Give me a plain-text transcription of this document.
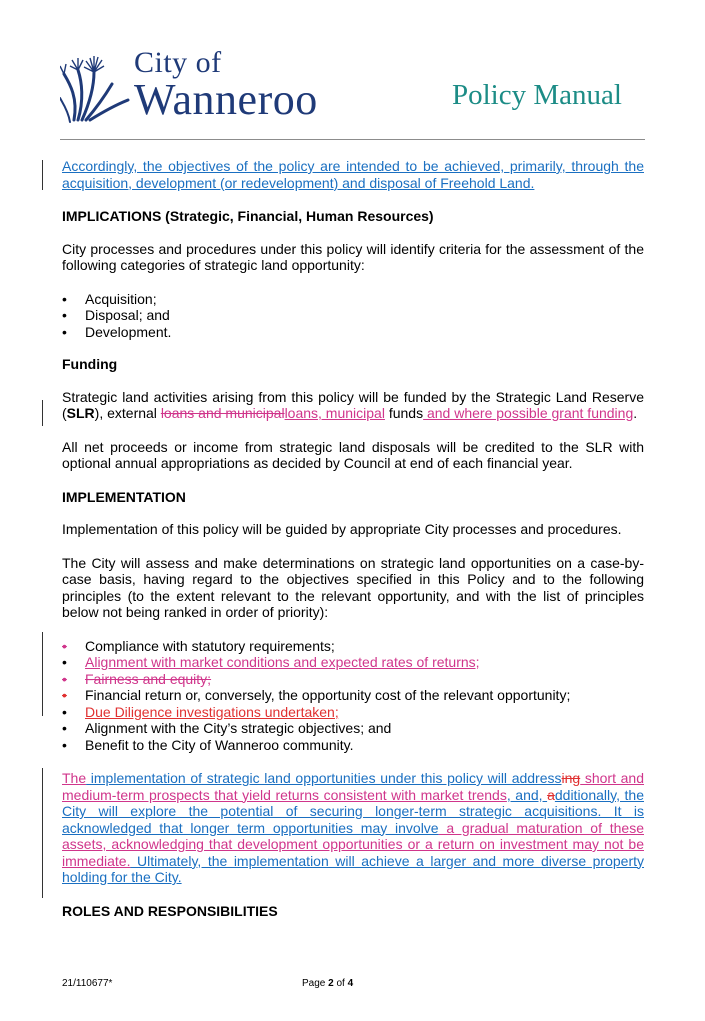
City of
Wanneroo	Policy Manual

Accordingly, the objectives of the policy are intended to be achieved, primarily, through the acquisition, development (or redevelopment) and disposal of Freehold Land.

IMPLICATIONS (Strategic, Financial, Human Resources)

City processes and procedures under this policy will identify criteria for the assessment of the following categories of strategic land opportunity:

•	Acquisition;
•	Disposal; and
•	Development.

Funding

Strategic land activities arising from this policy will be funded by the Strategic Land Reserve (SLR), external loans and municipalloans, municipal funds and where possible grant funding.

All net proceeds or income from strategic land disposals will be credited to the SLR with optional annual appropriations as decided by Council at end of each financial year.

IMPLEMENTATION

Implementation of this policy will be guided by appropriate City processes and procedures.

The City will assess and make determinations on strategic land opportunities on a case-by-case basis, having regard to the objectives specified in this Policy and to the following principles (to the extent relevant to the relevant opportunity, and with the list of principles below not being ranked in order of priority):

•	Compliance with statutory requirements;
•	Alignment with market conditions and expected rates of returns;
•	Fairness and equity;
•	Financial return or, conversely, the opportunity cost of the relevant opportunity;
•	Due Diligence investigations undertaken;
•	Alignment with the City’s strategic objectives; and
•	Benefit to the City of Wanneroo community.

The implementation of strategic land opportunities under this policy will addressing short and medium-term prospects that yield returns consistent with market trends, and, additionally, the City will explore the potential of securing longer-term strategic acquisitions. It is acknowledged that longer term opportunities may involve a gradual maturation of these assets, acknowledging that development opportunities or a return on investment may not be immediate. Ultimately, the implementation will achieve a larger and more diverse property holding for the City.

ROLES AND RESPONSIBILITIES

21/110677*	Page 2 of 4
